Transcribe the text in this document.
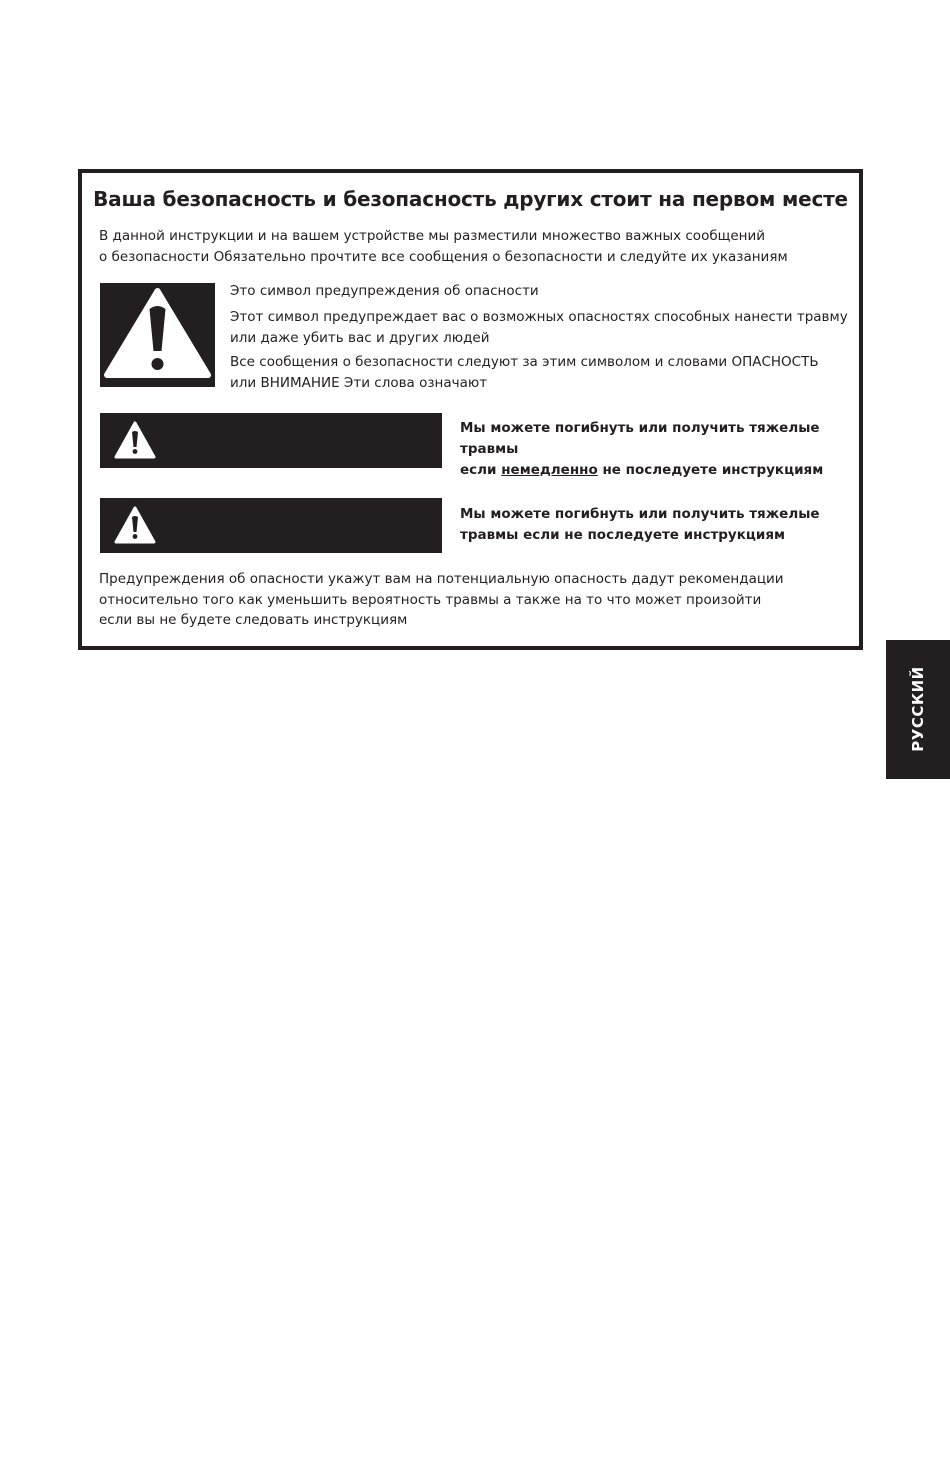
Ваша безопасность и безопасность других стоит на первом месте

В данной инструкции и на вашем устройстве мы разместили множество важных сообщений
о безопасности Обязательно прочтите все сообщения о безопасности и следуйте их указаниям

Это символ предупреждения об опасности

Этот символ предупреждает вас о возможных опасностях способных нанести травму
или даже убить вас и других людей

Все сообщения о безопасности следуют за этим символом и словами ОПАСНОСТЬ
или ВНИМАНИЕ Эти слова означают

Мы можете погибнуть или получить тяжелые травмы
если немедленно не последуете инструкциям

Мы можете погибнуть или получить тяжелые
травмы если не последуете инструкциям

Предупреждения об опасности укажут вам на потенциальную опасность дадут рекомендации
относительно того как уменьшить вероятность травмы а также на то что может произойти
если вы не будете следовать инструкциям

РУССКИЙ
